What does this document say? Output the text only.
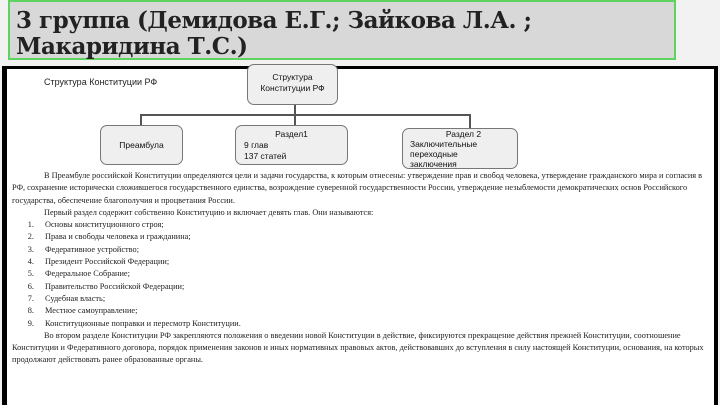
3 группа (Демидова Е.Г.; Зайкова Л.А. ; Макаридина Т.С.)
Структура Конституции РФ	Структура
Конституции РФ
Преамбула
Раздел1
9 глав
137 статей
Раздел 2
Заключительные
переходные
заключения

В Преамбуле российской Конституции определяются цели и задачи государства, к которым отнесены: утверждение прав и свобод человека, утверждение гражданского мира и согласия в РФ, сохранение исторически сложившегося государственного единства, возрождение суверенной государственности России, утверждение незыблемости демократических основ Российского государства, обеспечение благополучия и процветания России.

Первый раздел содержит собственно Конституцию и включает девять глав. Они называются:

1.	Основы конституционного строя;
2.	Права и свободы человека и гражданина;
3.	Федеративное устройство;
4.	Президент Российской Федерации;
5.	Федеральное Собрание;
6.	Правительство Российской Федерации;
7.	Судебная власть;
8.	Местное самоуправление;
9.	Конституционные поправки и пересмотр Конституции.

Во втором разделе Конституции РФ закрепляются положения о введении новой Конституции в действие, фиксируются прекращение действия прежней Конституции, соотношение Конституции и Федеративного договора, порядок применения законов и иных нормативных правовых актов, действовавших до вступления в силу настоящей Конституции, основания, на которых продолжают действовать ранее образованные органы.
